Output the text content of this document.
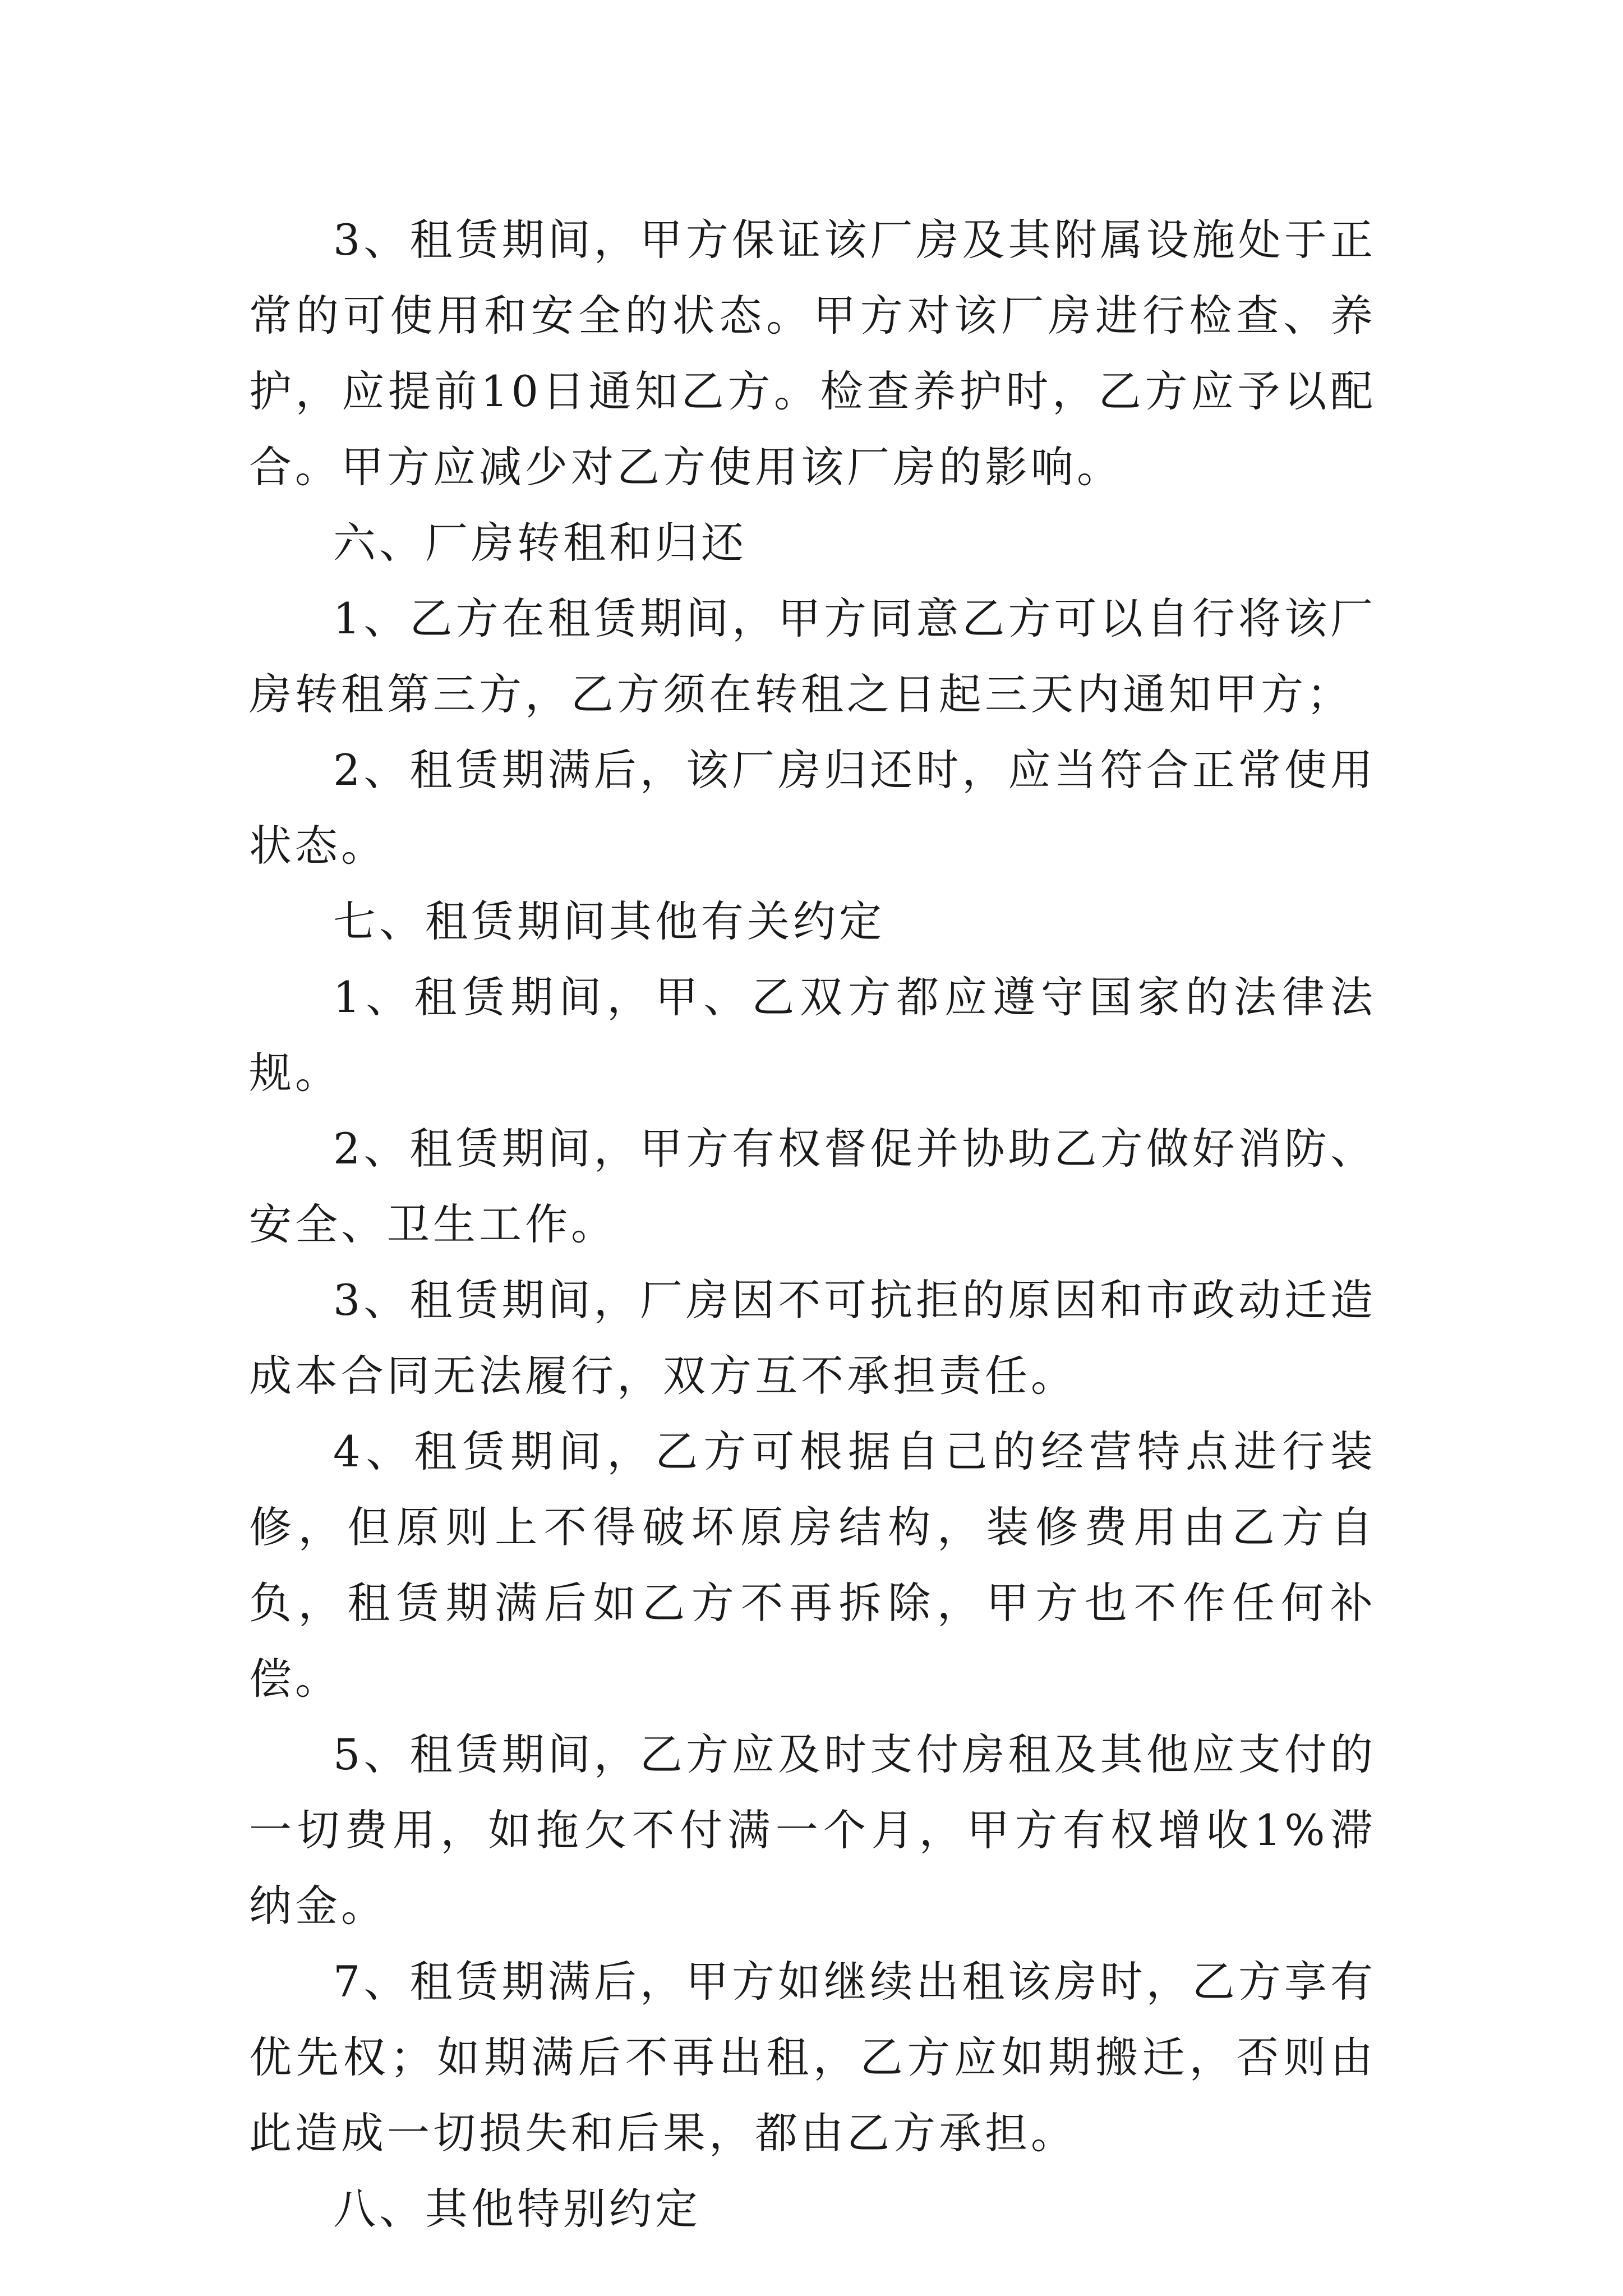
3、租赁期间，甲方保证该厂房及其附属设施处于正常的可使用和安全的状态。甲方对该厂房进行检查、养护，应提前10日通知乙方。检查养护时，乙方应予以配合。甲方应减少对乙方使用该厂房的影响。

六、厂房转租和归还

1、乙方在租赁期间，甲方同意乙方可以自行将该厂房转租第三方，乙方须在转租之日起三天内通知甲方；

2、租赁期满后，该厂房归还时，应当符合正常使用状态。

七、租赁期间其他有关约定

1、租赁期间，甲、乙双方都应遵守国家的法律法规。

2、租赁期间，甲方有权督促并协助乙方做好消防、安全、卫生工作。

3、租赁期间，厂房因不可抗拒的原因和市政动迁造成本合同无法履行，双方互不承担责任。

4、租赁期间，乙方可根据自己的经营特点进行装修，但原则上不得破坏原房结构，装修费用由乙方自负，租赁期满后如乙方不再拆除，甲方也不作任何补偿。

5、租赁期间，乙方应及时支付房租及其他应支付的一切费用，如拖欠不付满一个月，甲方有权增收1%滞纳金。

7、租赁期满后，甲方如继续出租该房时，乙方享有优先权；如期满后不再出租，乙方应如期搬迁，否则由此造成一切损失和后果，都由乙方承担。

八、其他特别约定
